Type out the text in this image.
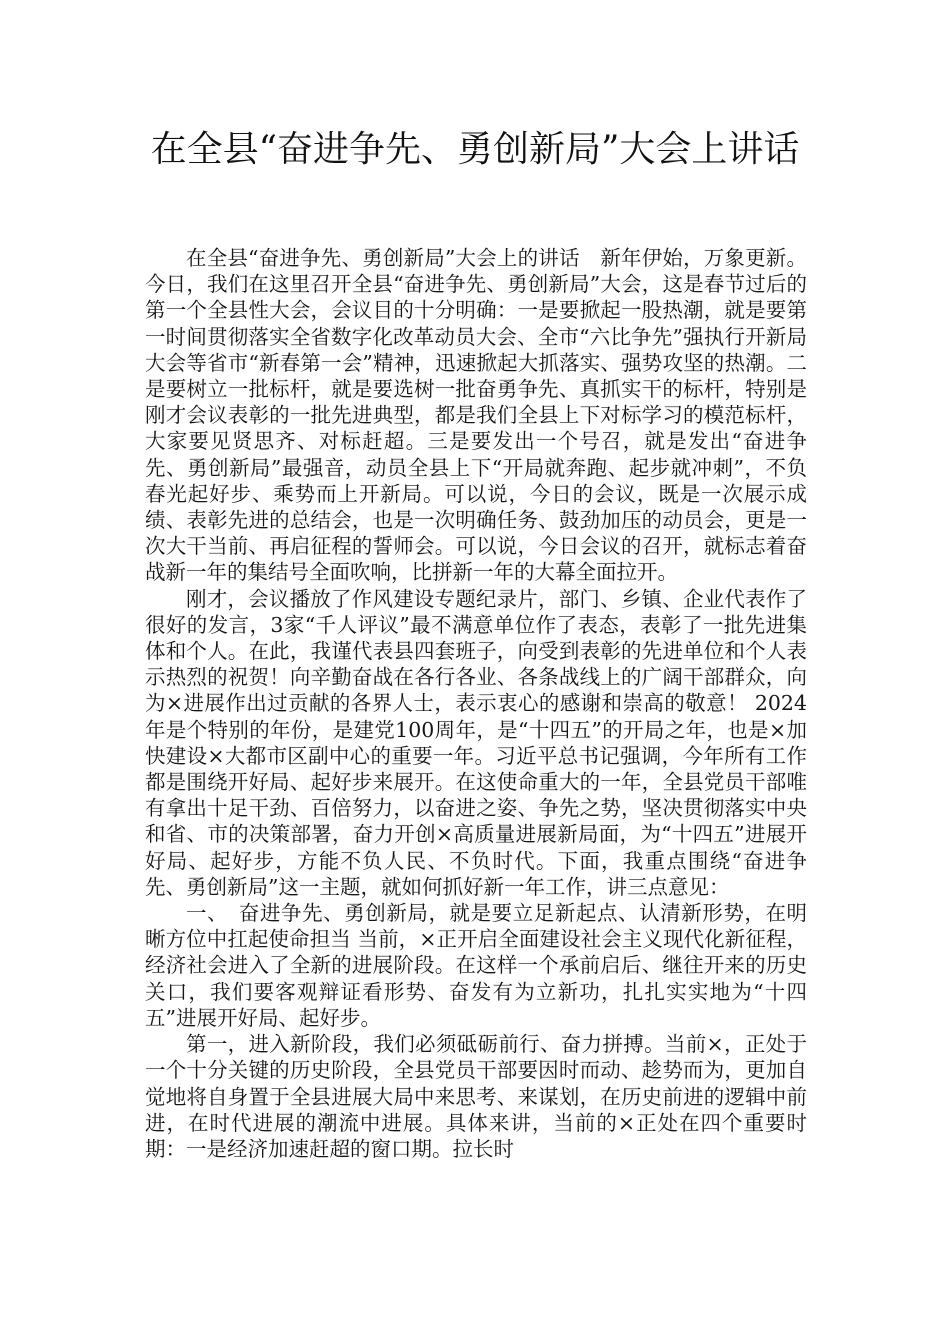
在全县“奋进争先、勇创新局”大会上讲话

在全县“奋进争先、勇创新局”大会上的讲话　新年伊始，万象更新。今日，我们在这里召开全县“奋进争先、勇创新局”大会，这是春节过后的第一个全县性大会，会议目的十分明确：一是要掀起一股热潮，就是要第一时间贯彻落实全省数字化改革动员大会、全市“六比争先”强执行开新局大会等省市“新春第一会”精神，迅速掀起大抓落实、强势攻坚的热潮。二是要树立一批标杆，就是要选树一批奋勇争先、真抓实干的标杆，特别是刚才会议表彰的一批先进典型，都是我们全县上下对标学习的模范标杆，大家要见贤思齐、对标赶超。三是要发出一个号召，就是发出“奋进争先、勇创新局”最强音，动员全县上下“开局就奔跑、起步就冲刺”，不负春光起好步、乘势而上开新局。可以说，今日的会议，既是一次展示成绩、表彰先进的总结会，也是一次明确任务、鼓劲加压的动员会，更是一次大干当前、再启征程的誓师会。可以说，今日会议的召开，就标志着奋战新一年的集结号全面吹响，比拼新一年的大幕全面拉开。

刚才，会议播放了作风建设专题纪录片，部门、乡镇、企业代表作了很好的发言，3家“千人评议”最不满意单位作了表态，表彰了一批先进集体和个人。在此，我谨代表县四套班子，向受到表彰的先进单位和个人表示热烈的祝贺！向辛勤奋战在各行各业、各条战线上的广阔干部群众，向为×进展作出过贡献的各界人士，表示衷心的感谢和崇高的敬意！ 2024年是个特别的年份，是建党100周年，是“十四五”的开局之年，也是×加快建设×大都市区副中心的重要一年。习近平总书记强调，今年所有工作都是围绕开好局、起好步来展开。在这使命重大的一年，全县党员干部唯有拿出十足干劲、百倍努力，以奋进之姿、争先之势，坚决贯彻落实中央和省、市的决策部署，奋力开创×高质量进展新局面，为“十四五”进展开好局、起好步，方能不负人民、不负时代。下面，我重点围绕“奋进争先、勇创新局”这一主题，就如何抓好新一年工作，讲三点意见：

一、　奋进争先、勇创新局，就是要立足新起点、认清新形势，在明晰方位中扛起使命担当 当前，×正开启全面建设社会主义现代化新征程，经济社会进入了全新的进展阶段。在这样一个承前启后、继往开来的历史关口，我们要客观辩证看形势、奋发有为立新功，扎扎实实地为“十四五”进展开好局、起好步。

第一，进入新阶段，我们必须砥砺前行、奋力拼搏。当前×，正处于一个十分关键的历史阶段，全县党员干部要因时而动、趁势而为，更加自觉地将自身置于全县进展大局中来思考、来谋划，在历史前进的逻辑中前进，在时代进展的潮流中进展。具体来讲，当前的×正处在四个重要时期：一是经济加速赶超的窗口期。拉长时
